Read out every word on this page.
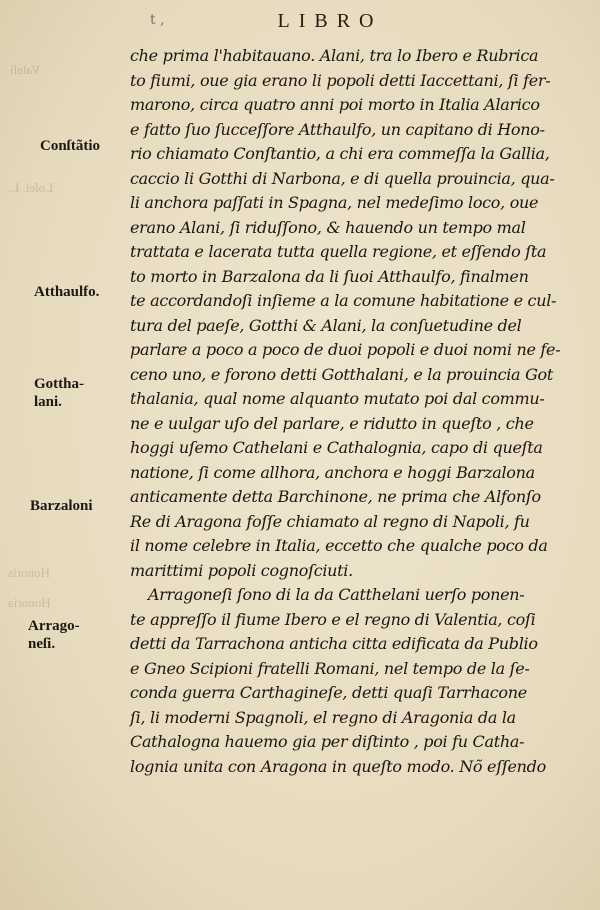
t ,	LIBRO
Valeſi
Loſel. L.
Honoris
Honoria
Conſtãtio
Atthaulfo.
Gottha-
lani.
Barzaloni
Arrago-
neſi.
che prima l'habitauano. Alani, tra lo Ibero e Rubrica
to fiumi, oue gia erano li popoli detti Iaccettani, ſi fer-
marono, circa quatro anni poi morto in Italia Alarico
e fatto ſuo ſucceſſore Atthaulfo, un capitano di Hono-
rio chiamato Conſtantio, a chi era commeſſa la Gallia,
caccio li Gotthi di Narbona, e di quella prouincia, qua-
li anchora paſſati in Spagna, nel medeſimo loco, oue
erano Alani, ſi riduſſono, & hauendo un tempo mal
trattata e lacerata tutta quella regione, et eſſendo ſta
to morto in Barzalona da li ſuoi Atthaulfo, finalmen
te accordandoſi inſieme a la comune habitatione e cul-
tura del paeſe, Gotthi & Alani, la conſuetudine del
parlare a poco a poco de duoi popoli e duoi nomi ne fe-
ceno uno, e forono detti Gotthalani, e la prouincia Got
thalania, qual nome alquanto mutato poi dal commu-
ne e uulgar uſo del parlare, e ridutto in queſto , che
hoggi uſemo Cathelani e Cathalognia, capo di queſta
natione, ſi come allhora, anchora e hoggi Barzalona
anticamente detta Barchinone, ne prima che Alfonſo
Re di Aragona foſſe chiamato al regno di Napoli, fu
il nome celebre in Italia, eccetto che qualche poco da
marittimi popoli cognoſciuti.
Arragoneſi ſono di la da Catthelani uerſo ponen-
te appreſſo il fiume Ibero e el regno di Valentia, coſi
detti da Tarrachona anticha citta edificata da Publio
e Gneo Scipioni fratelli Romani, nel tempo de la ſe-
conda guerra Carthagineſe, detti quaſi Tarrhacone
ſi, li moderni Spagnoli, el regno di Aragonia da la
Cathalogna hauemo gia per diſtinto , poi fu Catha-
lognia unita con Aragona in queſto modo. Nõ eſſendo
